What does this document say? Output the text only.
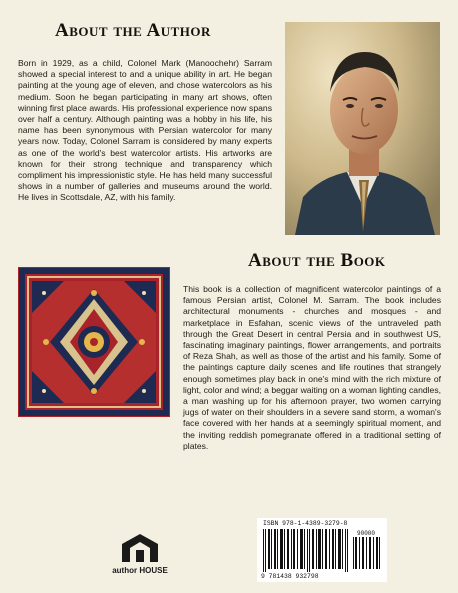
About the Author

Born in 1929, as a child, Colonel Mark (Manoochehr) Sarram showed a special interest to and a unique ability in art. He began painting at the young age of eleven, and chose watercolors as his medium. Soon he began participating in many art shows, often winning first place awards. His professional experience now spans over half a century. Although painting was a hobby in his life, his name has been synonymous with Persian watercolor for many years now. Today, Colonel Sarram is considered by many experts as one of the world's best watercolor artists. His artworks are known for their strong technique and transparency which compliment his impressionistic style. He has held many successful shows in a number of galleries and museums around the world. He lives in Scottsdale, AZ, with his family.

About the Book

This book is a collection of magnificent watercolor paintings of a famous Persian artist, Colonel M. Sarram. The book includes architectural monuments - churches and mosques - and marketplace in Esfahan, scenic views of the untraveled path through the Great Desert in central Persia and in southwest US, fascinating imaginary paintings, flower arrangements, and portraits of Reza Shah, as well as those of the artist and his family. Some of the paintings capture daily scenes and life routines that strangely enough sometimes play back in one's mind with the rich mixture of light, color and wind; a beggar waiting on a woman lighting candles, a man washing up for his afternoon prayer, two women carrying jugs of water on their shoulders in a severe sand storm, a woman's face covered with her hands at a seemingly spiritual moment, and the inviting reddish pomegranate offered in a traditional setting of plates.

author HOUSE
ISBN 978-1-4389-3279-8
90000
9 781438 932798
